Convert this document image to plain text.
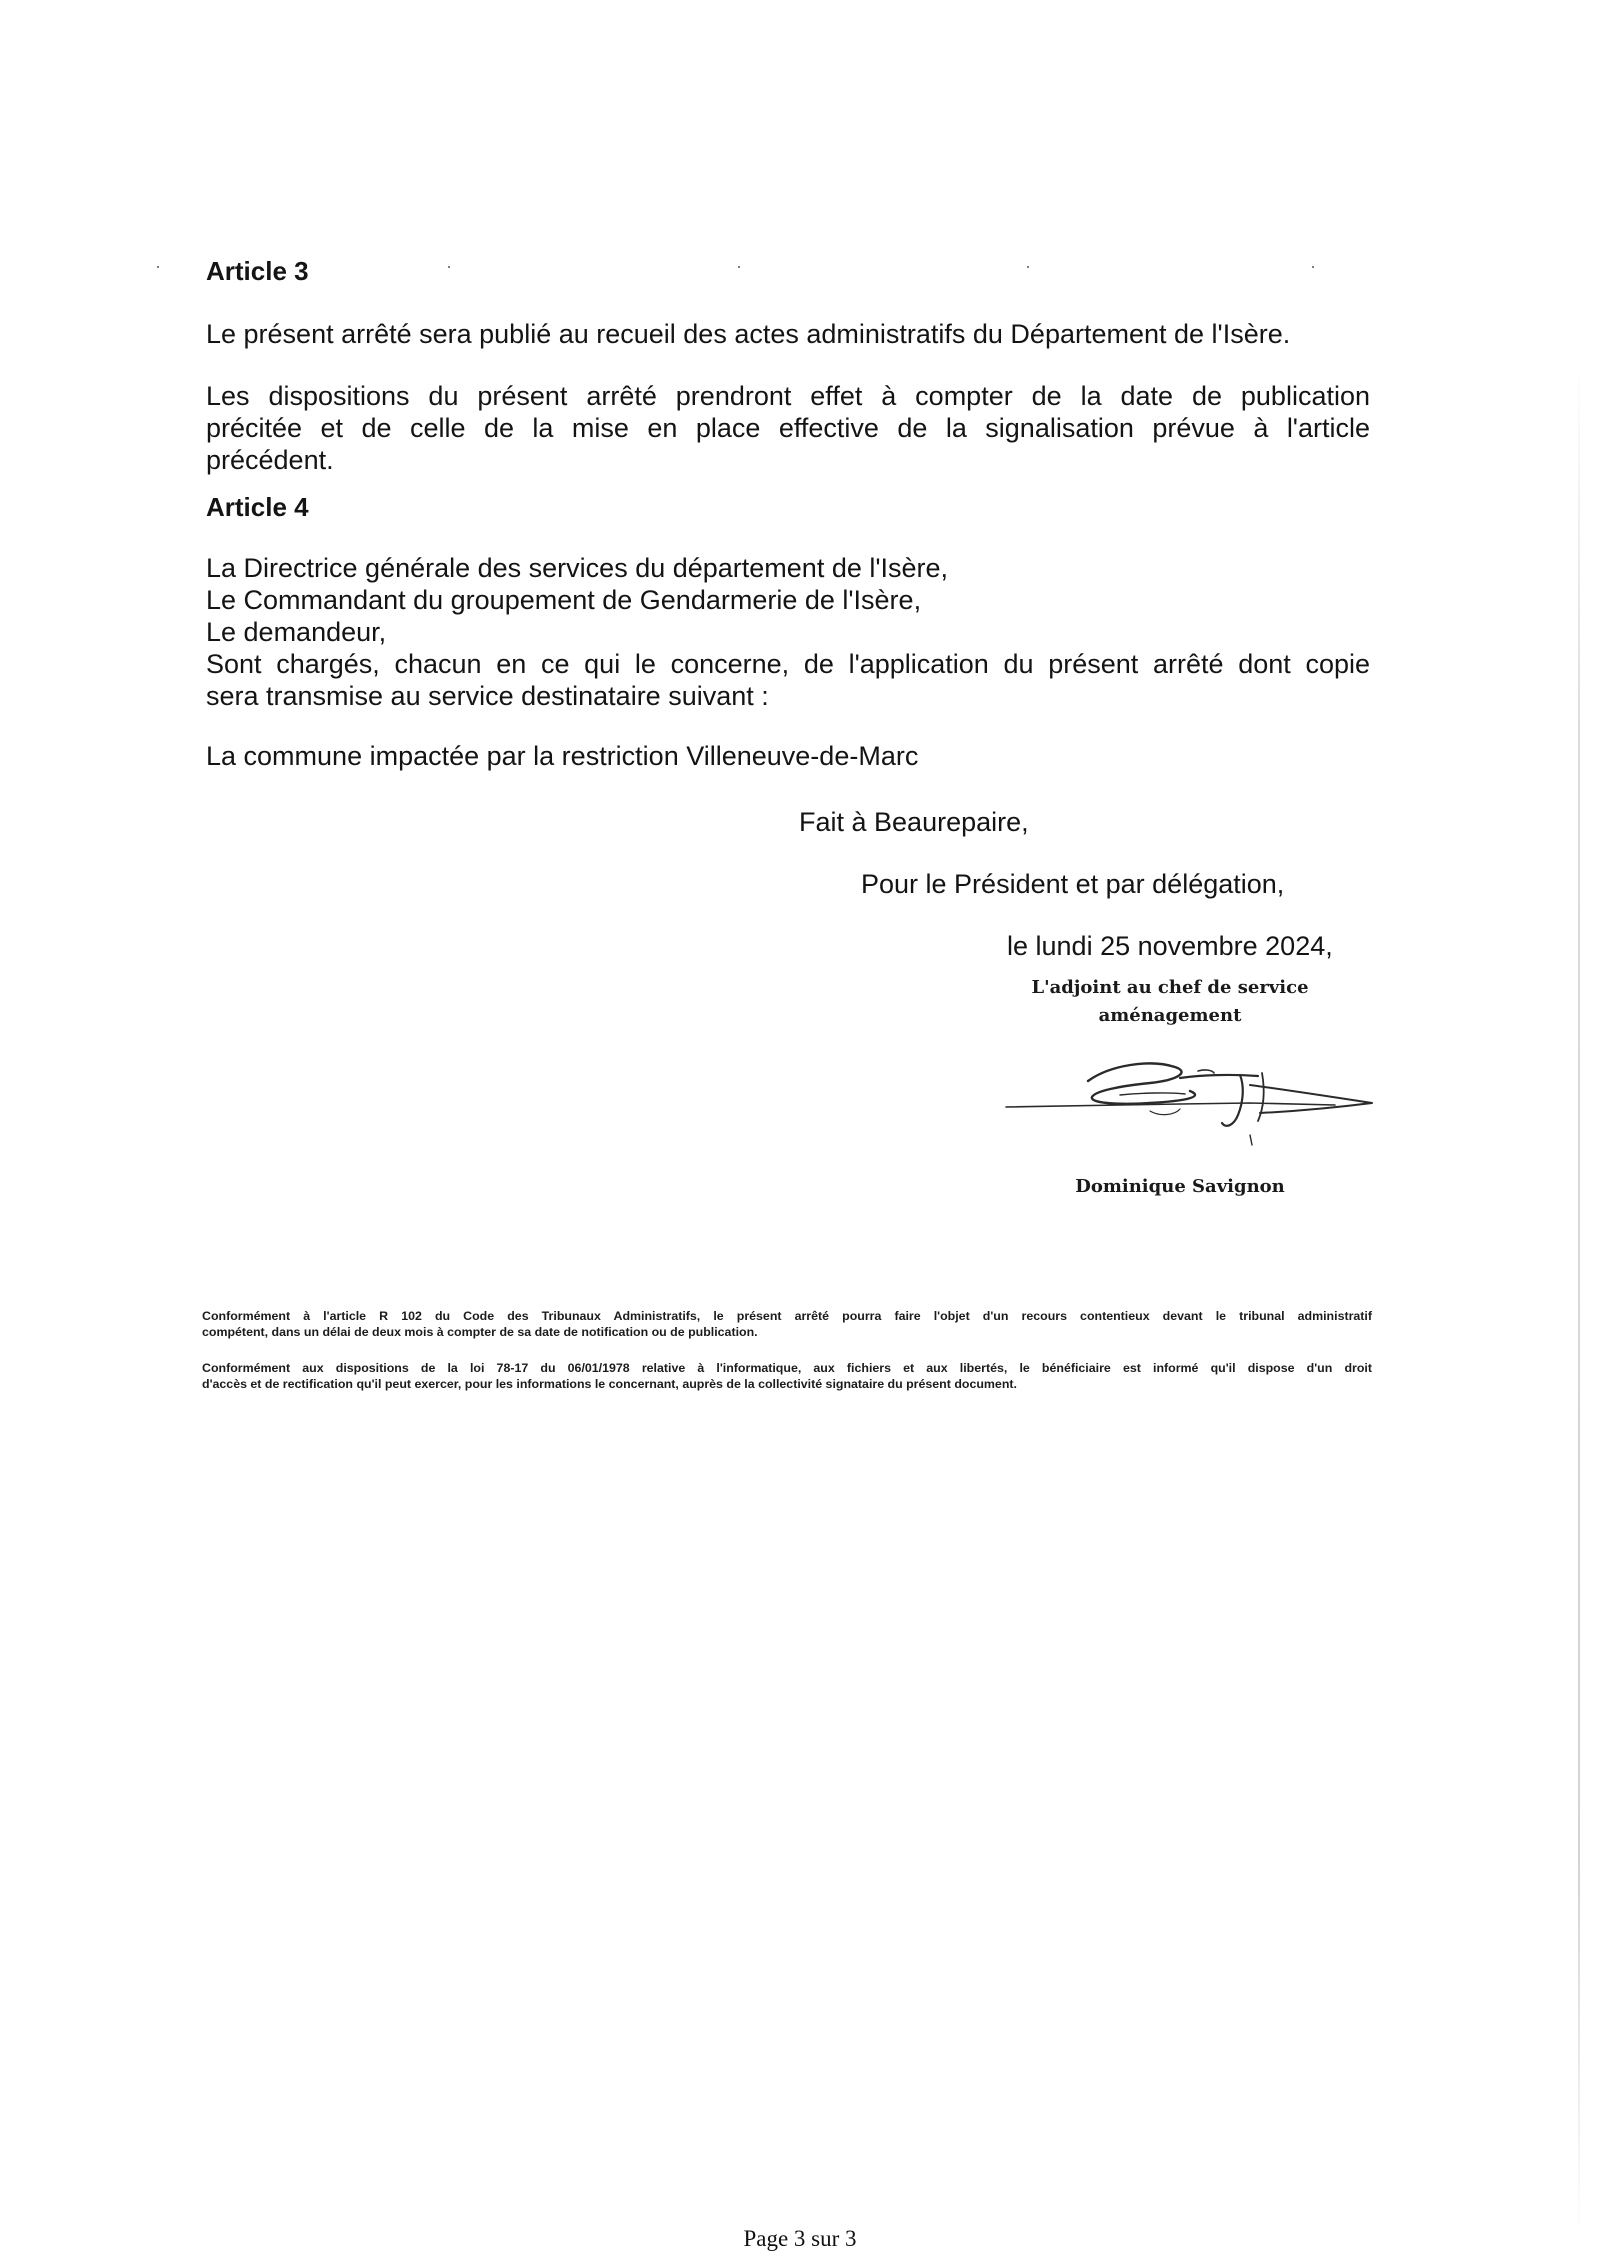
Article 3

Le présent arrêté sera publié au recueil des actes administratifs du Département de l'Isère.

Les dispositions du présent arrêté prendront effet à compter de la date de publication
précitée et de celle de la mise en place effective de la signalisation prévue à l'article
précédent.

Article 4

La Directrice générale des services du département de l'Isère,
Le Commandant du groupement de Gendarmerie de l'Isère,
Le demandeur,
Sont chargés, chacun en ce qui le concerne, de l'application du présent arrêté dont copie
sera transmise au service destinataire suivant :

La commune impactée par la restriction Villeneuve-de-Marc

Fait à Beaurepaire,
Pour le Président et par délégation,
le lundi 25 novembre 2024,
L'adjoint au chef de service
aménagement
Dominique Savignon

Conformément à l'article R 102 du Code des Tribunaux Administratifs, le présent arrêté pourra faire l'objet d'un recours contentieux devant le tribunal administratif
compétent, dans un délai de deux mois à compter de sa date de notification ou de publication.

Conformément aux dispositions de la loi 78-17 du 06/01/1978 relative à l'informatique, aux fichiers et aux libertés, le bénéficiaire est informé qu'il dispose d'un droit
d'accès et de rectification qu'il peut exercer, pour les informations le concernant, auprès de la collectivité signataire du présent document.

Page 3 sur 3
